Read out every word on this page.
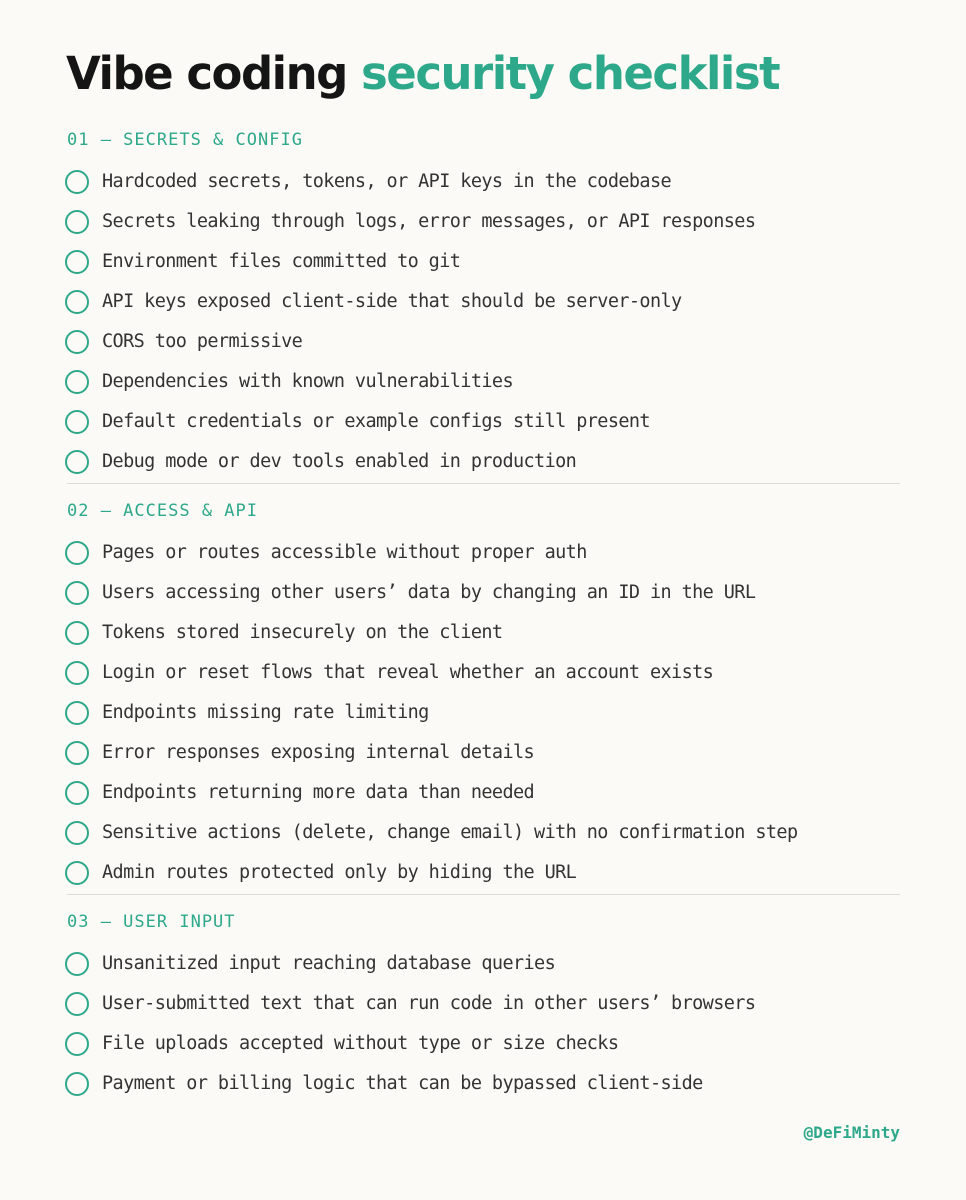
Vibe coding security checklist
01 — SECRETS & CONFIG
Hardcoded secrets, tokens, or API keys in the codebase
Secrets leaking through logs, error messages, or API responses
Environment files committed to git
API keys exposed client-side that should be server-only
CORS too permissive
Dependencies with known vulnerabilities
Default credentials or example configs still present
Debug mode or dev tools enabled in production
02 — ACCESS & API
Pages or routes accessible without proper auth
Users accessing other users’ data by changing an ID in the URL
Tokens stored insecurely on the client
Login or reset flows that reveal whether an account exists
Endpoints missing rate limiting
Error responses exposing internal details
Endpoints returning more data than needed
Sensitive actions (delete, change email) with no confirmation step
Admin routes protected only by hiding the URL
03 — USER INPUT
Unsanitized input reaching database queries
User-submitted text that can run code in other users’ browsers
File uploads accepted without type or size checks
Payment or billing logic that can be bypassed client-side
@DeFiMinty
